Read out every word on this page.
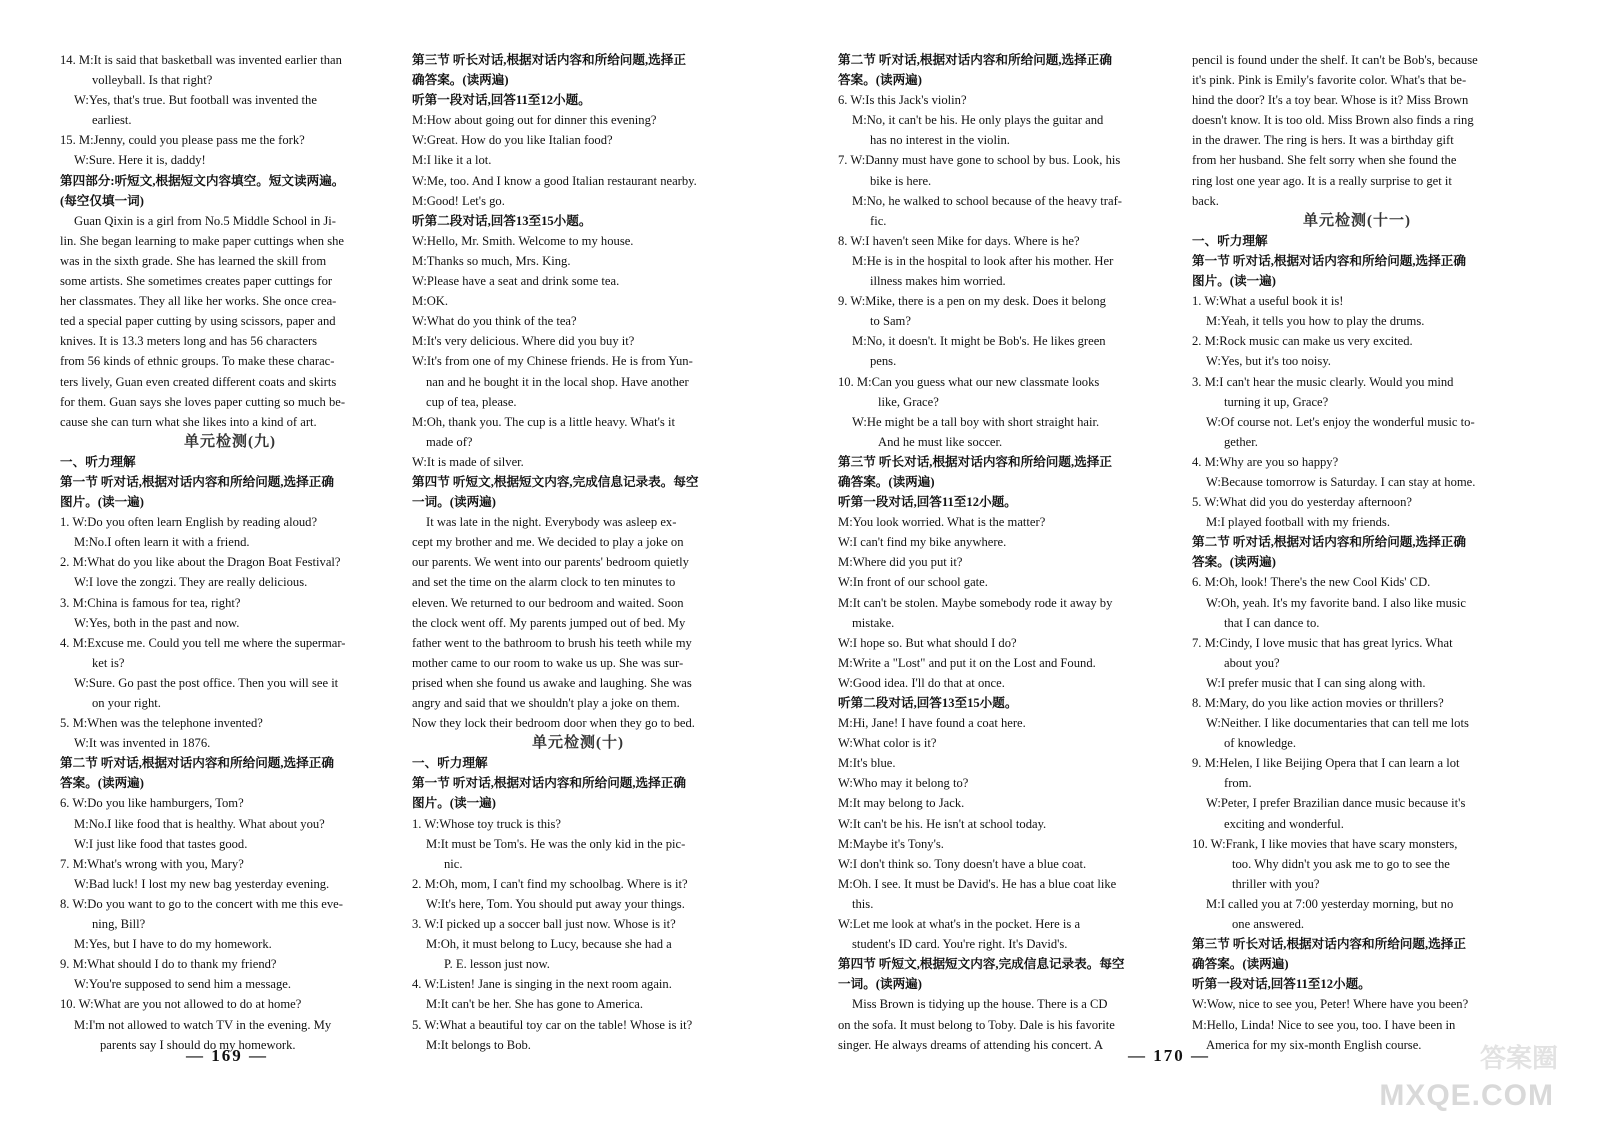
14. M:It is said that basketball was invented earlier than

volleyball. Is that right?

W:Yes, that's true. But football was invented the

earliest.

15. M:Jenny, could you please pass me the fork?

W:Sure. Here it is, daddy!

第四部分:听短文,根据短文内容填空。短文读两遍。

(每空仅填一词)

Guan Qixin is a girl from No.5 Middle School in Ji-

lin. She began learning to make paper cuttings when she

was in the sixth grade. She has learned the skill from

some artists. She sometimes creates paper cuttings for

her classmates. They all like her works. She once crea-

ted a special paper cutting by using scissors, paper and

knives. It is 13.3 meters long and has 56 characters

from 56 kinds of ethnic groups. To make these charac-

ters lively, Guan even created different coats and skirts

for them. Guan says she loves paper cutting so much be-

cause she can turn what she likes into a kind of art.

单元检测(九)

一、听力理解

第一节 听对话,根据对话内容和所给问题,选择正确

图片。(读一遍)

1. W:Do you often learn English by reading aloud?

M:No.I often learn it with a friend.

2. M:What do you like about the Dragon Boat Festival?

W:I love the zongzi. They are really delicious.

3. M:China is famous for tea, right?

W:Yes, both in the past and now.

4. M:Excuse me. Could you tell me where the supermar-

ket is?

W:Sure. Go past the post office. Then you will see it

on your right.

5. M:When was the telephone invented?

W:It was invented in 1876.

第二节 听对话,根据对话内容和所给问题,选择正确

答案。(读两遍)

6. W:Do you like hamburgers, Tom?

M:No.I like food that is healthy. What about you?

W:I just like food that tastes good.

7. M:What's wrong with you, Mary?

W:Bad luck! I lost my new bag yesterday evening.

8. W:Do you want to go to the concert with me this eve-

ning, Bill?

M:Yes, but I have to do my homework.

9. M:What should I do to thank my friend?

W:You're supposed to send him a message.

10. W:What are you not allowed to do at home?

M:I'm not allowed to watch TV in the evening. My

parents say I should do my homework.

第三节 听长对话,根据对话内容和所给问题,选择正

确答案。(读两遍)

听第一段对话,回答11至12小题。

M:How about going out for dinner this evening?

W:Great. How do you like Italian food?

M:I like it a lot.

W:Me, too. And I know a good Italian restaurant nearby.

M:Good! Let's go.

听第二段对话,回答13至15小题。

W:Hello, Mr. Smith. Welcome to my house.

M:Thanks so much, Mrs. King.

W:Please have a seat and drink some tea.

M:OK.

W:What do you think of the tea?

M:It's very delicious. Where did you buy it?

W:It's from one of my Chinese friends. He is from Yun-

nan and he bought it in the local shop. Have another

cup of tea, please.

M:Oh, thank you. The cup is a little heavy. What's it

made of?

W:It is made of silver.

第四节 听短文,根据短文内容,完成信息记录表。每空

一词。(读两遍)

It was late in the night. Everybody was asleep ex-

cept my brother and me. We decided to play a joke on

our parents. We went into our parents' bedroom quietly

and set the time on the alarm clock to ten minutes to

eleven. We returned to our bedroom and waited. Soon

the clock went off. My parents jumped out of bed. My

father went to the bathroom to brush his teeth while my

mother came to our room to wake us up. She was sur-

prised when she found us awake and laughing. She was

angry and said that we shouldn't play a joke on them.

Now they lock their bedroom door when they go to bed.

单元检测(十)

一、听力理解

第一节 听对话,根据对话内容和所给问题,选择正确

图片。(读一遍)

1. W:Whose toy truck is this?

M:It must be Tom's. He was the only kid in the pic-

nic.

2. M:Oh, mom, I can't find my schoolbag. Where is it?

W:It's here, Tom. You should put away your things.

3. W:I picked up a soccer ball just now. Whose is it?

M:Oh, it must belong to Lucy, because she had a

P. E. lesson just now.

4. W:Listen! Jane is singing in the next room again.

M:It can't be her. She has gone to America.

5. W:What a beautiful toy car on the table! Whose is it?

M:It belongs to Bob.

第二节 听对话,根据对话内容和所给问题,选择正确

答案。(读两遍)

6. W:Is this Jack's violin?

M:No, it can't be his. He only plays the guitar and

has no interest in the violin.

7. W:Danny must have gone to school by bus. Look, his

bike is here.

M:No, he walked to school because of the heavy traf-

fic.

8. W:I haven't seen Mike for days. Where is he?

M:He is in the hospital to look after his mother. Her

illness makes him worried.

9. W:Mike, there is a pen on my desk. Does it belong

to Sam?

M:No, it doesn't. It might be Bob's. He likes green

pens.

10. M:Can you guess what our new classmate looks

like, Grace?

W:He might be a tall boy with short straight hair.

And he must like soccer.

第三节 听长对话,根据对话内容和所给问题,选择正

确答案。(读两遍)

听第一段对话,回答11至12小题。

M:You look worried. What is the matter?

W:I can't find my bike anywhere.

M:Where did you put it?

W:In front of our school gate.

M:It can't be stolen. Maybe somebody rode it away by

mistake.

W:I hope so. But what should I do?

M:Write a "Lost" and put it on the Lost and Found.

W:Good idea. I'll do that at once.

听第二段对话,回答13至15小题。

M:Hi, Jane! I have found a coat here.

W:What color is it?

M:It's blue.

W:Who may it belong to?

M:It may belong to Jack.

W:It can't be his. He isn't at school today.

M:Maybe it's Tony's.

W:I don't think so. Tony doesn't have a blue coat.

M:Oh. I see. It must be David's. He has a blue coat like

this.

W:Let me look at what's in the pocket. Here is a

student's ID card. You're right. It's David's.

第四节 听短文,根据短文内容,完成信息记录表。每空

一词。(读两遍)

Miss Brown is tidying up the house. There is a CD

on the sofa. It must belong to Toby. Dale is his favorite

singer. He always dreams of attending his concert. A

pencil is found under the shelf. It can't be Bob's, because

it's pink. Pink is Emily's favorite color. What's that be-

hind the door? It's a toy bear. Whose is it? Miss Brown

doesn't know. It is too old. Miss Brown also finds a ring

in the drawer. The ring is hers. It was a birthday gift

from her husband. She felt sorry when she found the

ring lost one year ago. It is a really surprise to get it

back.

单元检测(十一)

一、听力理解

第一节 听对话,根据对话内容和所给问题,选择正确

图片。(读一遍)

1. W:What a useful book it is!

M:Yeah, it tells you how to play the drums.

2. M:Rock music can make us very excited.

W:Yes, but it's too noisy.

3. M:I can't hear the music clearly. Would you mind

turning it up, Grace?

W:Of course not. Let's enjoy the wonderful music to-

gether.

4. M:Why are you so happy?

W:Because tomorrow is Saturday. I can stay at home.

5. W:What did you do yesterday afternoon?

M:I played football with my friends.

第二节 听对话,根据对话内容和所给问题,选择正确

答案。(读两遍)

6. M:Oh, look! There's the new Cool Kids' CD.

W:Oh, yeah. It's my favorite band. I also like music

that I can dance to.

7. M:Cindy, I love music that has great lyrics. What

about you?

W:I prefer music that I can sing along with.

8. M:Mary, do you like action movies or thrillers?

W:Neither. I like documentaries that can tell me lots

of knowledge.

9. M:Helen, I like Beijing Opera that I can learn a lot

from.

W:Peter, I prefer Brazilian dance music because it's

exciting and wonderful.

10. W:Frank, I like movies that have scary monsters,

too. Why didn't you ask me to go to see the

thriller with you?

M:I called you at 7:00 yesterday morning, but no

one answered.

第三节 听长对话,根据对话内容和所给问题,选择正

确答案。(读两遍)

听第一段对话,回答11至12小题。

W:Wow, nice to see you, Peter! Where have you been?

M:Hello, Linda! Nice to see you, too. I have been in

America for my six-month English course.

— 169 —	— 170 —	答案圈
MXQE.COM
